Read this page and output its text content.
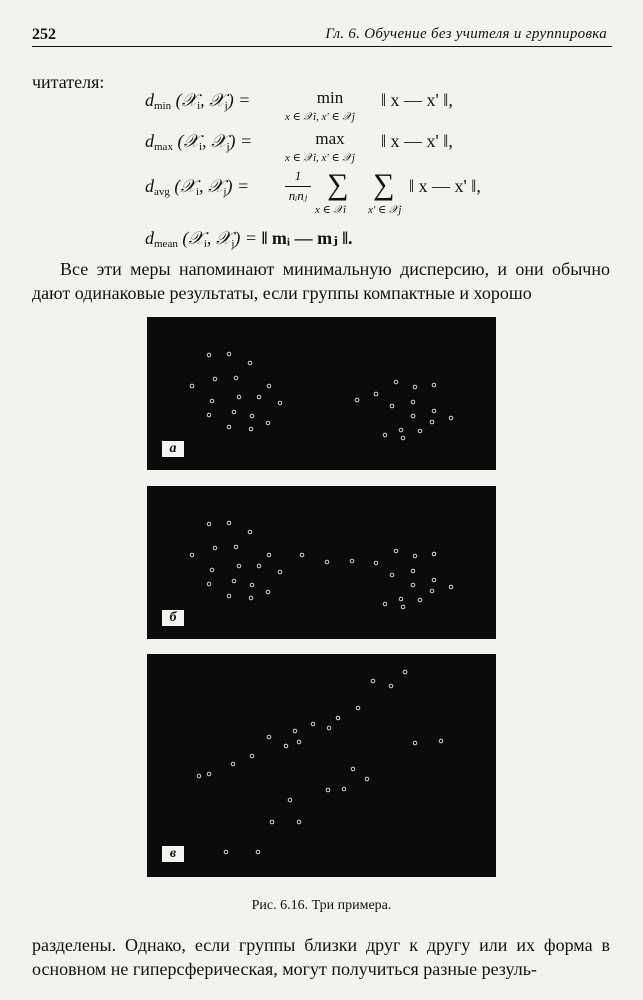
252	Гл. 6. Обучение без учителя и группировка
читателя:
$d_{min}$ (𝒳$_i$, 𝒳$_j$) =	min
x ∈ 𝒳i, x' ∈ 𝒳j
‖ x — x' ‖,
$d_{max}$ (𝒳$_i$, 𝒳$_j$) =	max
x ∈ 𝒳i, x' ∈ 𝒳j
‖ x — x' ‖,
$d_{avg}$ (𝒳$_i$, 𝒳$_j$) =
1
nᵢnⱼ ∑
x ∈ 𝒳i
∑
x' ∈ 𝒳j
‖ x — x' ‖,
$d_{mean}$ (𝒳$_i$, 𝒳$_j$) = ‖ mᵢ — mⱼ ‖.
Все эти меры напоминают минимальную дисперсию, и они обычно дают одинаковые результаты, если группы компактные и хорошо
а
б
в
Рис. 6.16. Три примера.
разделены. Однако, если группы близки друг к другу или их форма в основном не гиперсферическая, могут получиться разные резуль-
